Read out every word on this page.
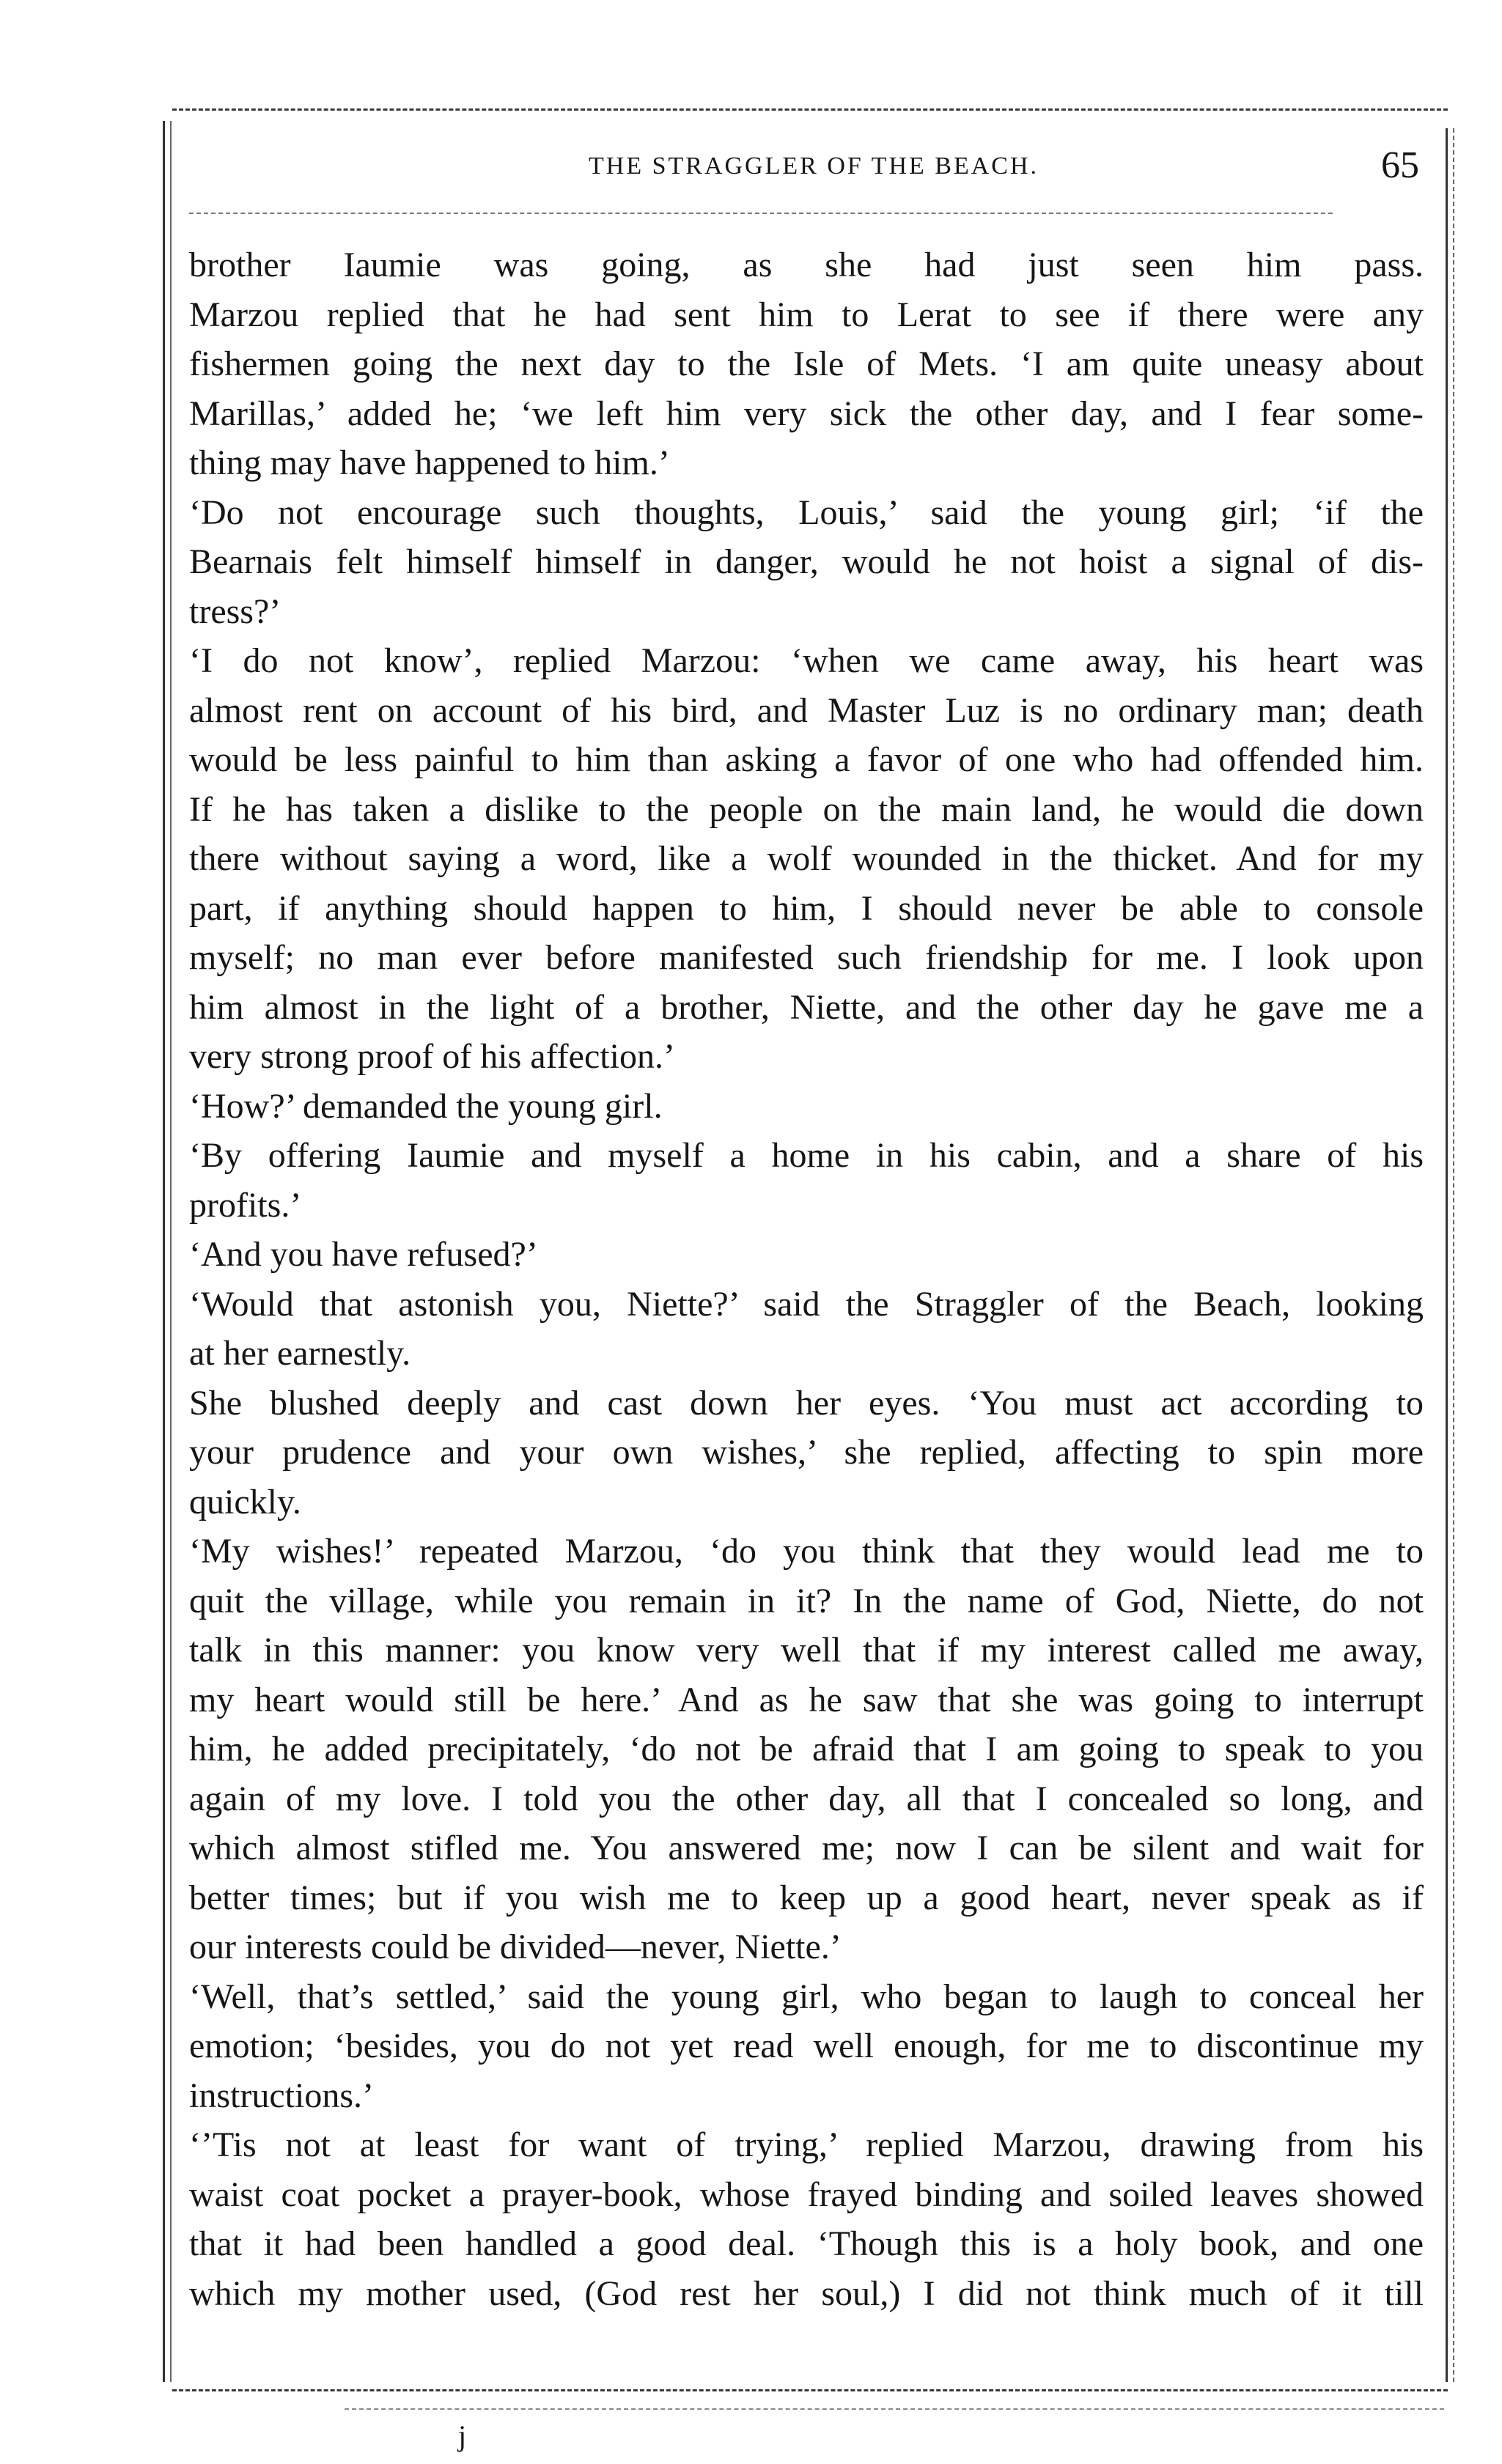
THE STRAGGLER OF THE BEACH.	65
brother Iaumie was going, as she had just seen him pass.
Marzou replied that he had sent him to Lerat to see if there were any
fishermen going the next day to the Isle of Mets. ‘I am quite uneasy about
Marillas,’ added he; ‘we left him very sick the other day, and I fear some-
thing may have happened to him.’
‘Do not encourage such thoughts, Louis,’ said the young girl; ‘if the
Bearnais felt himself himself in danger, would he not hoist a signal of dis-
tress?’
‘I do not know’, replied Marzou: ‘when we came away, his heart was
almost rent on account of his bird, and Master Luz is no ordinary man; death
would be less painful to him than asking a favor of one who had offended him.
If he has taken a dislike to the people on the main land, he would die down
there without saying a word, like a wolf wounded in the thicket. And for my
part, if anything should happen to him, I should never be able to console
myself; no man ever before manifested such friendship for me. I look upon
him almost in the light of a brother, Niette, and the other day he gave me a
very strong proof of his affection.’
‘How?’ demanded the young girl.
‘By offering Iaumie and myself a home in his cabin, and a share of his
profits.’
‘And you have refused?’
‘Would that astonish you, Niette?’ said the Straggler of the Beach, looking
at her earnestly.
She blushed deeply and cast down her eyes. ‘You must act according to
your prudence and your own wishes,’ she replied, affecting to spin more
quickly.
‘My wishes!’ repeated Marzou, ‘do you think that they would lead me to
quit the village, while you remain in it? In the name of God, Niette, do not
talk in this manner: you know very well that if my interest called me away,
my heart would still be here.’ And as he saw that she was going to interrupt
him, he added precipitately, ‘do not be afraid that I am going to speak to you
again of my love. I told you the other day, all that I concealed so long, and
which almost stifled me. You answered me; now I can be silent and wait for
better times; but if you wish me to keep up a good heart, never speak as if
our interests could be divided—never, Niette.’
‘Well, that’s settled,’ said the young girl, who began to laugh to conceal her
emotion; ‘besides, you do not yet read well enough, for me to discontinue my
instructions.’
‘’Tis not at least for want of trying,’ replied Marzou, drawing from his
waist coat pocket a prayer-book, whose frayed binding and soiled leaves showed
that it had been handled a good deal. ‘Though this is a holy book, and one
which my mother used, (God rest her soul,) I did not think much of it till
j
